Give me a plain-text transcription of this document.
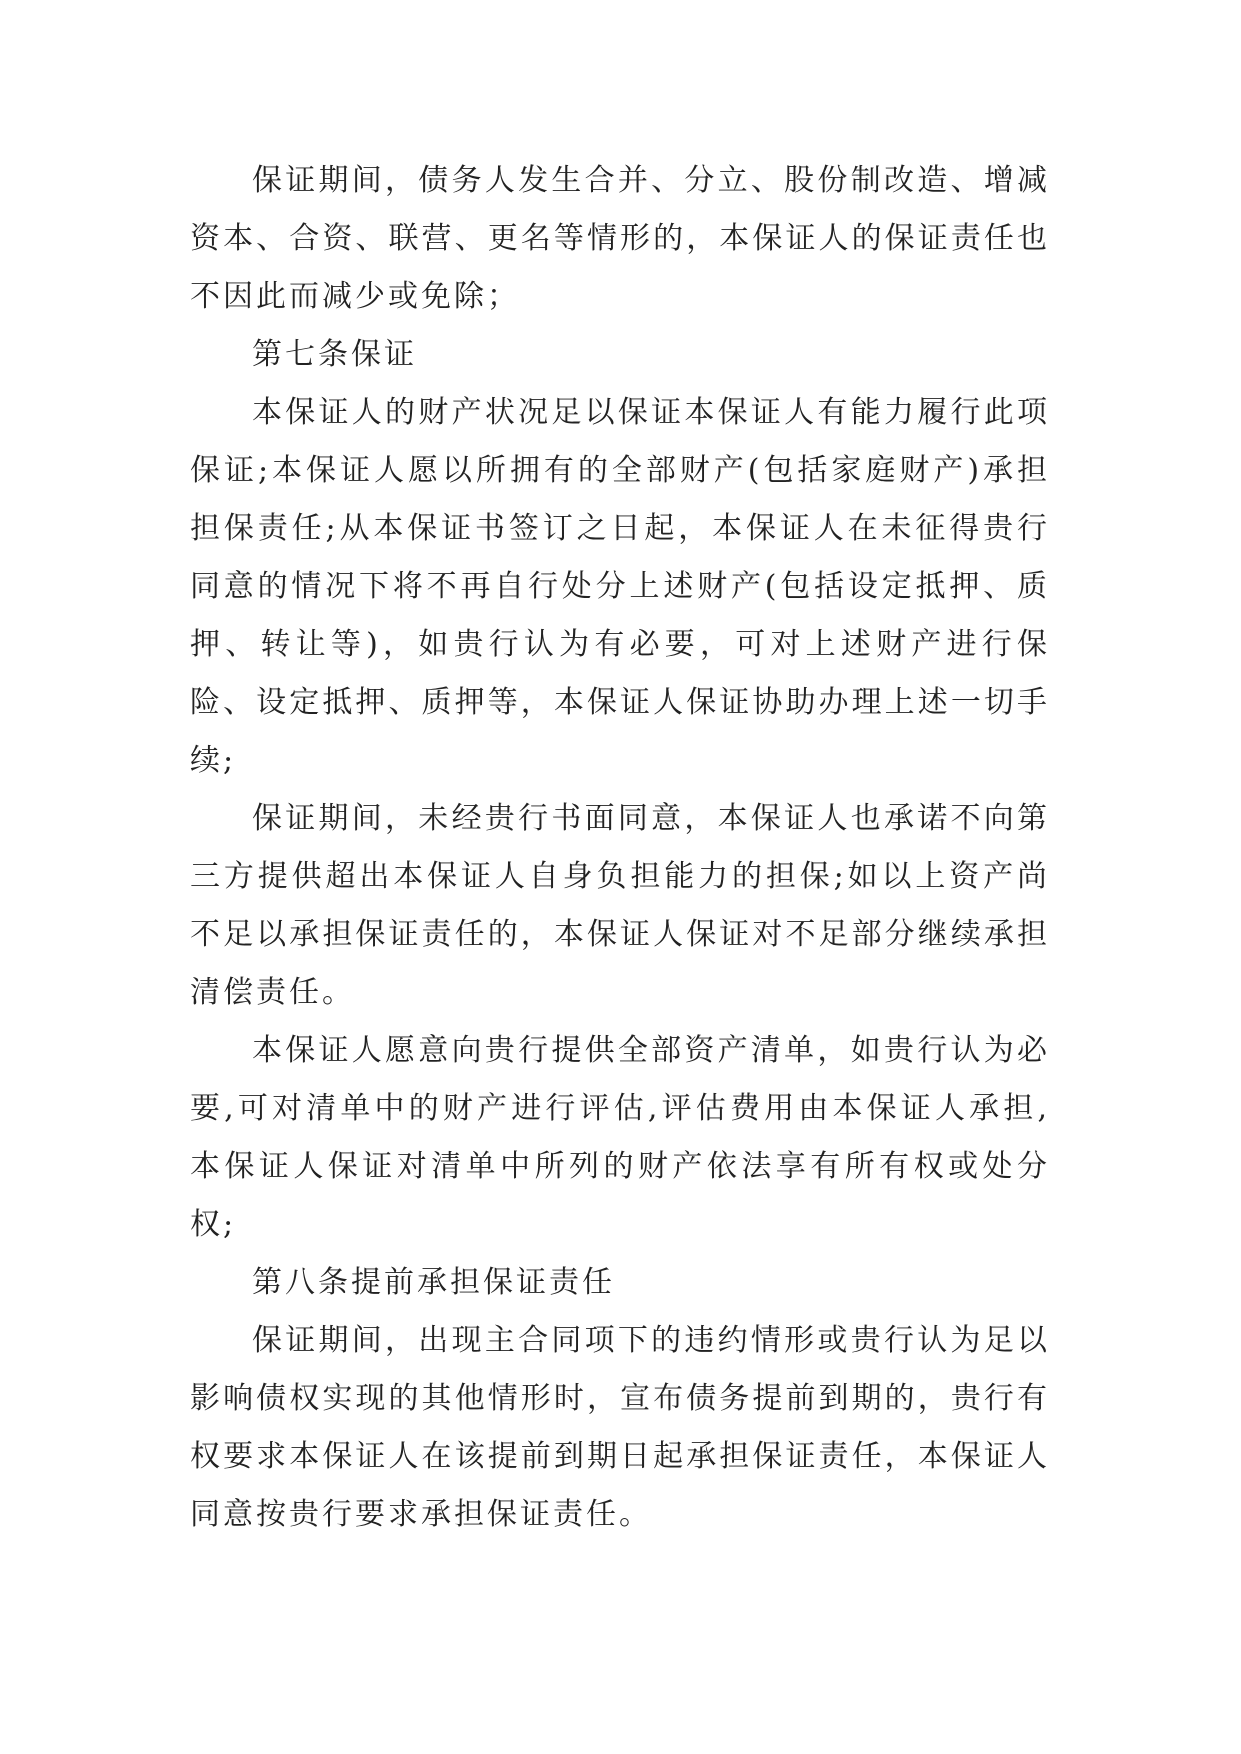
保证期间，债务人发生合并、分立、股份制改造、增减资本、合资、联营、更名等情形的，本保证人的保证责任也不因此而减少或免除；

第七条保证

本保证人的财产状况足以保证本保证人有能力履行此项保证;本保证人愿以所拥有的全部财产(包括家庭财产)承担担保责任;从本保证书签订之日起，本保证人在未征得贵行同意的情况下将不再自行处分上述财产(包括设定抵押、质押、转让等)，如贵行认为有必要，可对上述财产进行保险、设定抵押、质押等，本保证人保证协助办理上述一切手续;

保证期间，未经贵行书面同意，本保证人也承诺不向第三方提供超出本保证人自身负担能力的担保;如以上资产尚不足以承担保证责任的，本保证人保证对不足部分继续承担清偿责任。

本保证人愿意向贵行提供全部资产清单，如贵行认为必要,可对清单中的财产进行评估,评估费用由本保证人承担,本保证人保证对清单中所列的财产依法享有所有权或处分权;

第八条提前承担保证责任

保证期间，出现主合同项下的违约情形或贵行认为足以影响债权实现的其他情形时，宣布债务提前到期的，贵行有权要求本保证人在该提前到期日起承担保证责任，本保证人同意按贵行要求承担保证责任。
